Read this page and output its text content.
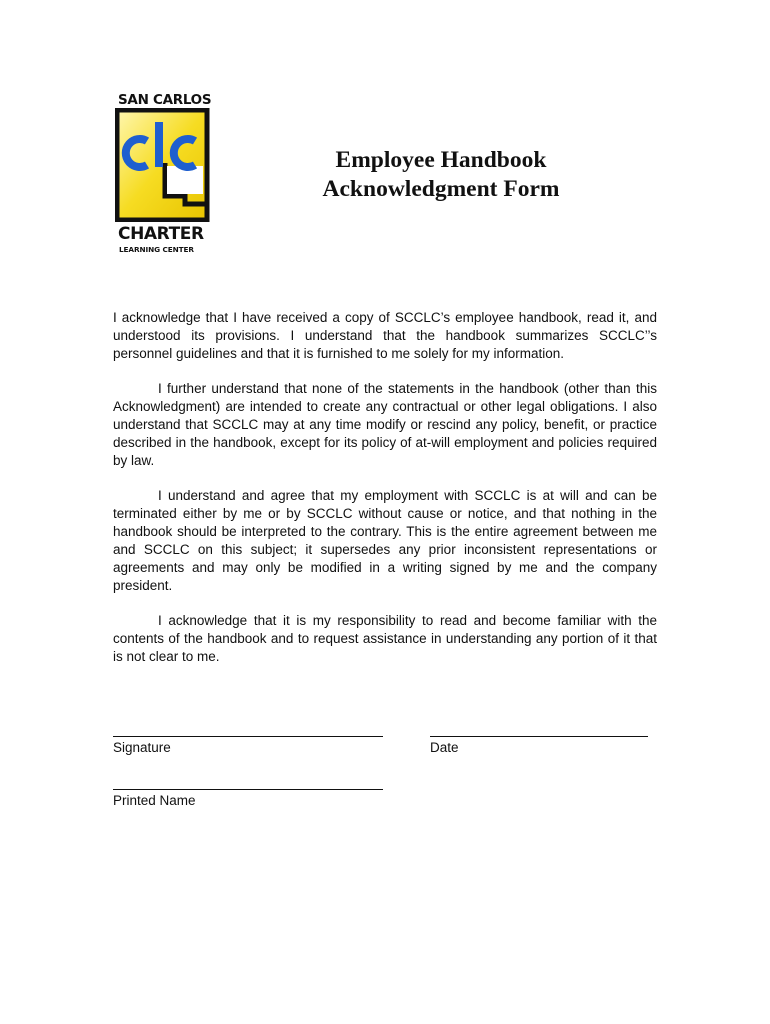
SAN CARLOS
CHARTER
LEARNING CENTER
Employee Handbook
Acknowledgment Form

I acknowledge that I have received a copy of SCCLC’s employee handbook, read it, and understood its provisions. I understand that the handbook summarizes SCCLC’’s personnel guidelines and that it is furnished to me solely for my information.

I further understand that none of the statements in the handbook (other than this Acknowledgment) are intended to create any contractual or other legal obligations. I also understand that SCCLC may at any time modify or rescind any policy, benefit, or practice described in the handbook, except for its policy of at-will employment and policies required by law.

I understand and agree that my employment with SCCLC is at will and can be terminated either by me or by SCCLC without cause or notice, and that nothing in the handbook should be interpreted to the contrary. This is the entire agreement between me and SCCLC on this subject; it supersedes any prior inconsistent representations or agreements and may only be modified in a writing signed by me and the company president.

I acknowledge that it is my responsibility to read and become familiar with the contents of the handbook and to request assistance in understanding any portion of it that is not clear to me.

Signature	Date
Printed Name
